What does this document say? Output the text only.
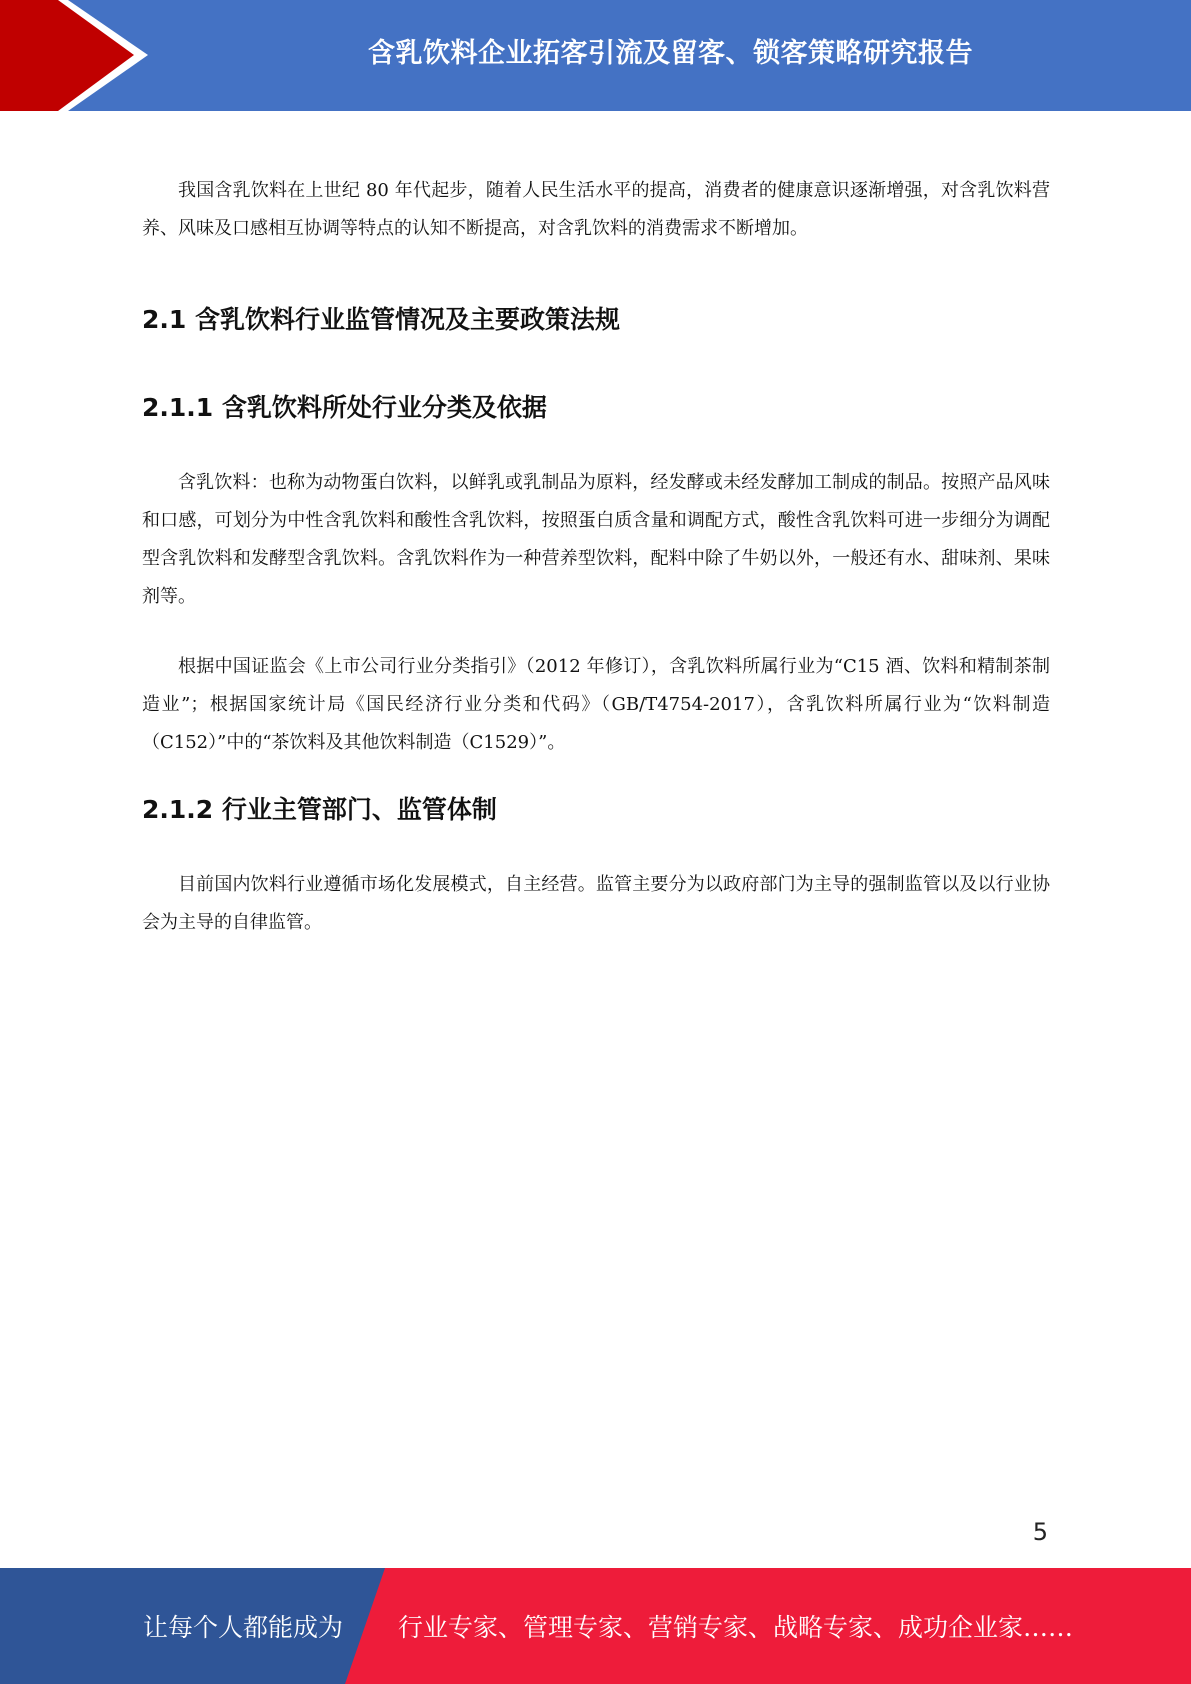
含乳饮料企业拓客引流及留客、锁客策略研究报告

我国含乳饮料在上世纪 80 年代起步，随着人民生活水平的提高，消费者的健康意识逐渐增强，对含乳饮料营养、风味及口感相互协调等特点的认知不断提高，对含乳饮料的消费需求不断增加。

2.1 含乳饮料行业监管情况及主要政策法规
2.1.1 含乳饮料所处行业分类及依据

含乳饮料：也称为动物蛋白饮料，以鲜乳或乳制品为原料，经发酵或未经发酵加工制成的制品。按照产品风味和口感，可划分为中性含乳饮料和酸性含乳饮料，按照蛋白质含量和调配方式，酸性含乳饮料可进一步细分为调配型含乳饮料和发酵型含乳饮料。含乳饮料作为一种营养型饮料，配料中除了牛奶以外，一般还有水、甜味剂、果味剂等。

根据中国证监会《上市公司行业分类指引》（2012 年修订），含乳饮料所属行业为“C15 酒、饮料和精制茶制造业”；根据国家统计局《国民经济行业分类和代码》（GB/T4754-2017），含乳饮料所属行业为“饮料制造（C152）”中的“茶饮料及其他饮料制造（C1529）”。

2.1.2 行业主管部门、监管体制

目前国内饮料行业遵循市场化发展模式，自主经营。监管主要分为以政府部门为主导的强制监管以及以行业协会为主导的自律监管。

5
让每个人都能成为 行业专家、管理专家、营销专家、战略专家、成功企业家……
